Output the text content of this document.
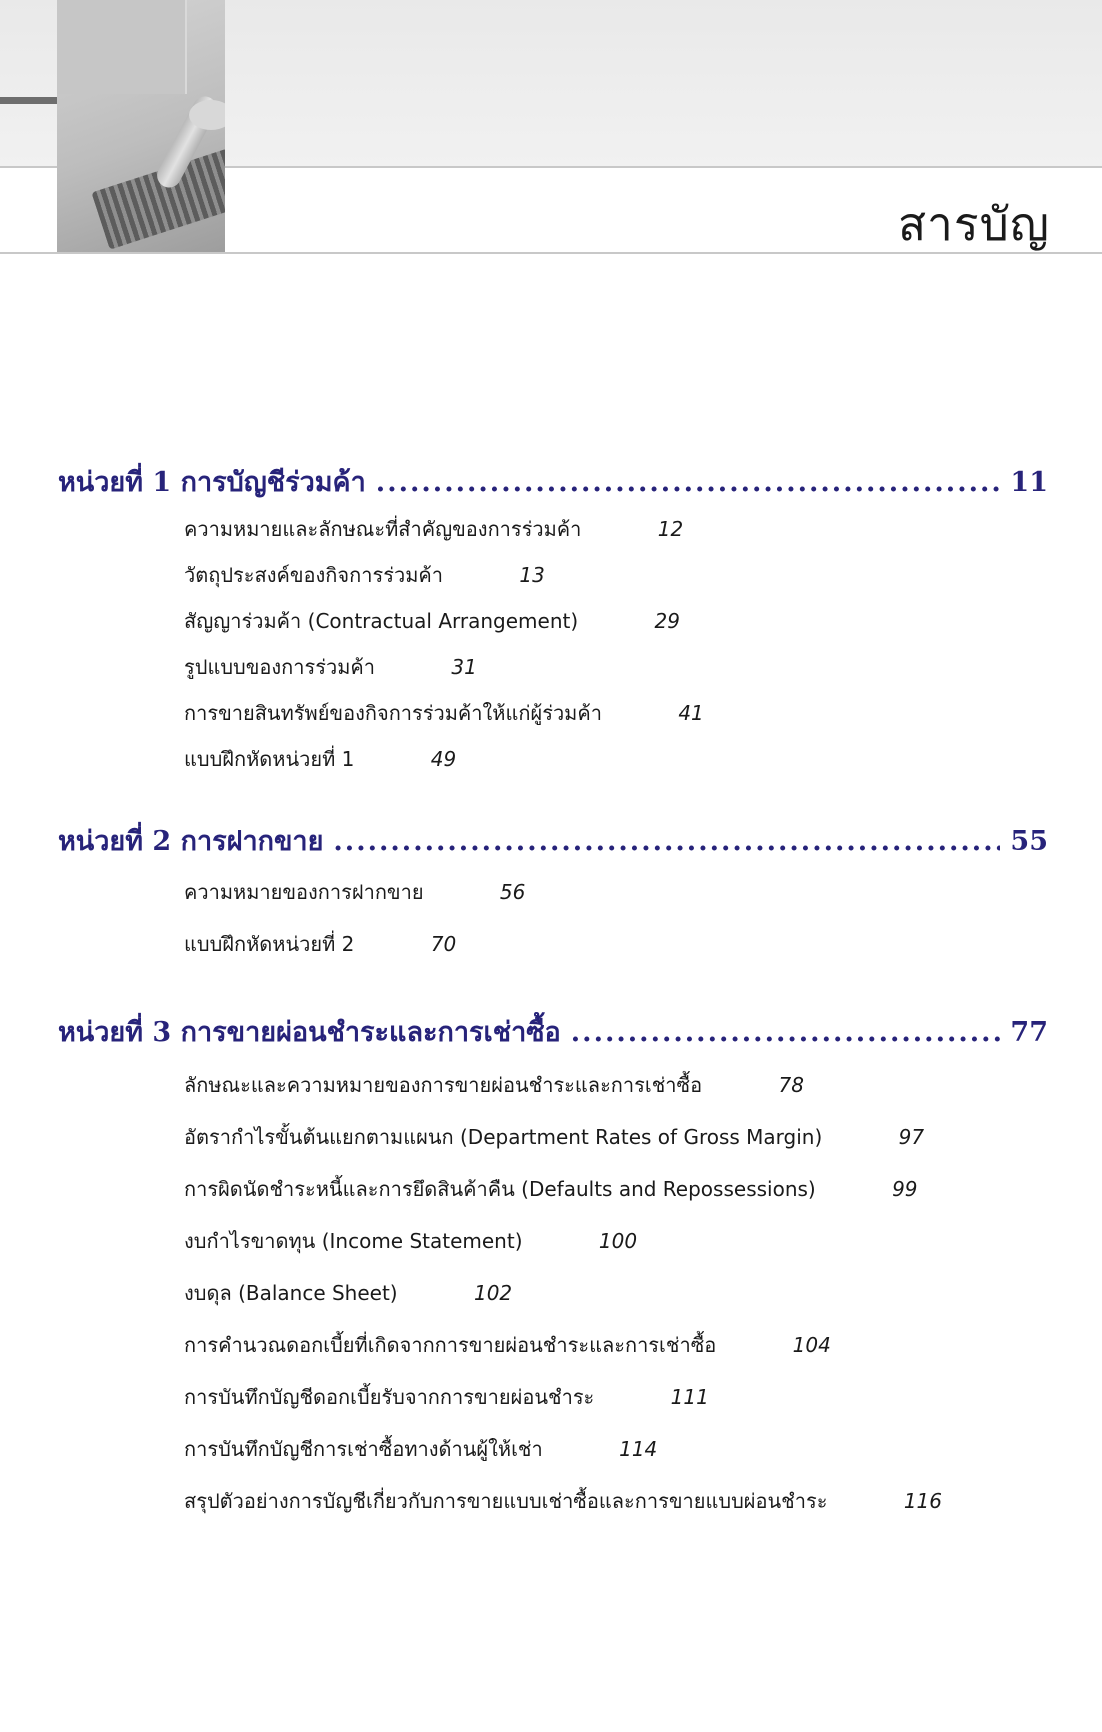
สารบัญ
หน่วยที่ 1 การบัญชีร่วมค้า .....	11
ความหมายและลักษณะที่สำคัญของการร่วมค้า	12
วัตถุประสงค์ของกิจการร่วมค้า	13
สัญญาร่วมค้า (Contractual Arrangement)	29
รูปแบบของการร่วมค้า	31
การขายสินทรัพย์ของกิจการร่วมค้าให้แก่ผู้ร่วมค้า	41
แบบฝึกหัดหน่วยที่ 1	49
หน่วยที่ 2 การฝากขาย .....	55
ความหมายของการฝากขาย	56
แบบฝึกหัดหน่วยที่ 2	70
หน่วยที่ 3 การขายผ่อนชำระและการเช่าซื้อ .....	77
ลักษณะและความหมายของการขายผ่อนชำระและการเช่าซื้อ	78
อัตรากำไรขั้นต้นแยกตามแผนก (Department Rates of Gross Margin)	97
การผิดนัดชำระหนี้และการยึดสินค้าคืน (Defaults and Repossessions)	99
งบกำไรขาดทุน (Income Statement)	100
งบดุล (Balance Sheet)	102
การคำนวณดอกเบี้ยที่เกิดจากการขายผ่อนชำระและการเช่าซื้อ	104
การบันทึกบัญชีดอกเบี้ยรับจากการขายผ่อนชำระ	111
การบันทึกบัญชีการเช่าซื้อทางด้านผู้ให้เช่า	114
สรุปตัวอย่างการบัญชีเกี่ยวกับการขายแบบเช่าซื้อและการขายแบบผ่อนชำระ	116
